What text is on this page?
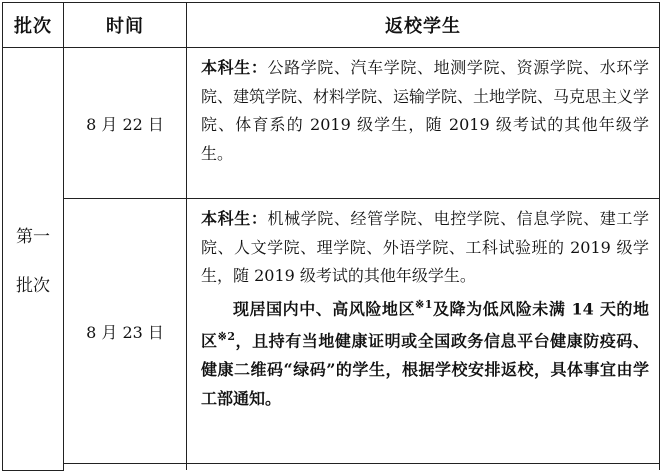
批次	时间	返校学生

第一
批次	8 月 22 日	本科生：公路学院、汽车学院、地测学院、资源学院、水环学院、建筑学院、材料学院、运输学院、土地学院、马克思主义学院、体育系的 2019 级学生，随 2019 级考试的其他年级学生。
	8 月 23 日	本科生：机械学院、经管学院、电控学院、信息学院、建工学院、人文学院、理学院、外语学院、工科试验班的 2019 级学生，随 2019 级考试的其他年级学生。

现居国内中、高风险地区$^{※1}$及降为低风险未满 14 天的地区$^{※2}$，且持有当地健康证明或全国政务信息平台健康防疫码、健康二维码“绿码”的学生，根据学校安排返校，具体事宜由学工部通知。
